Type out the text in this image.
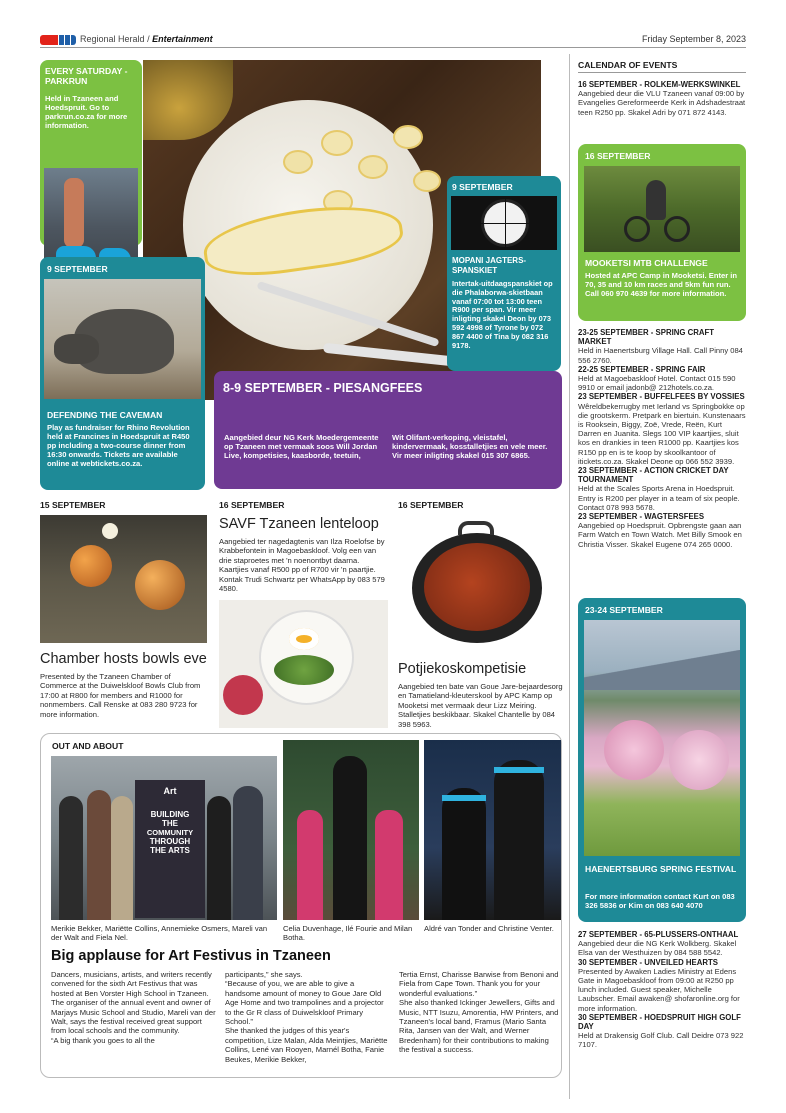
Regional Herald / Entertainment	Friday September 8, 2023
EVERY SATURDAY - PARKRUN
Held in Tzaneen and Hoedspruit. Go to parkrun.co.za for more information.
9 SEPTEMBER
DEFENDING THE CAVEMAN
Play as fundraiser for Rhino Revolution held at Francines in Hoedspruit at R450 pp including a two-course dinner from 16:30 onwards. Tickets are available online at webtickets.co.za.
9 SEPTEMBER
MOPANI JAGTERS-SPANSKIET
Intertak-uitdaagspanskiet op die Phalaborwa-skietbaan vanaf 07:00 tot 13:00 teen R900 per span. Vir meer inligting skakel Deon by 073 592 4998 of Tyrone by 072 867 4400 of Tina by 082 316 9178.
8-9 SEPTEMBER - PIESANGFEES
Aangebied deur NG Kerk Moedergemeente op Tzaneen met vermaak soos Will Jordan Live, kompetisies, kaasborde, teetuin,
Wit Olifant-verkoping, vleistafel, kindervermaak, kosstalletjies en vele meer. Vir meer inligting skakel 015 307 6865.
15 SEPTEMBER
Chamber hosts bowls eve
Presented by the Tzaneen Chamber of Commerce at the Duiwelskloof Bowls Club from 17:00 at R800 for members and R1000 for nonmembers. Call Renske at 083 280 9723 for more information.
16 SEPTEMBER
SAVF Tzaneen lenteloop
Aangebied ter nagedagtenis van Ilza Roelofse by Krabbefontein in Magoebaskloof. Volg een van drie staproetes met 'n noenontbyt daarna. Kaartjies vanaf R500 pp of R700 vir 'n paartjie. Kontak Trudi Schwartz per WhatsApp by 083 579 4580.
16 SEPTEMBER
Potjiekoskompetisie
Aangebied ten bate van Goue Jare-bejaardesorg en Tamatieland-kleuterskool by APC Kamp op Mooketsi met vermaak deur Lizz Meiring. Stalletjies beskikbaar. Skakel Chantelle by 084 398 5963.
OUT AND ABOUT
Art
BUILDING
THE
COMMUNITY
THROUGH
THE ARTS
Merikie Bekker, Mariëtte Collins, Annemieke Osmers, Mareli van der Walt and Fiela Nel.
Celia Duvenhage, Ilé Fourie and Milan Botha.
Aldré van Tonder and Christine Venter.
Big applause for Art Festivus in Tzaneen
Dancers, musicians, artists, and writers recently convened for the sixth Art Festivus that was hosted at Ben Vorster High School in Tzaneen.
The organiser of the annual event and owner of Marjays Music School and Studio, Mareli van der Walt, says the festival received great support from local schools and the community.
“A big thank you goes to all the
participants,” she says.
“Because of you, we are able to give a handsome amount of money to Goue Jare Old Age Home and two trampolines and a projector to the Gr R class of Duiwelskloof Primary School.”
She thanked the judges of this year's competition, Lize Malan, Alda Meintjies, Mariëtte Collins, Lené van Rooyen, Marnél Botha, Fanie Beukes, Merikie Bekker,
Tertia Ernst, Charisse Barwise from Benoni and Fiela from Cape Town. Thank you for your wonderful evaluations.”
She also thanked Ickinger Jewellers, Gifts and Music, NTT Isuzu, Amorentia, HW Printers, and Tzaneen's local band, Framus (Mario Santa Rita, Jansen van der Walt, and Werner Bredenham) for their contributions to making the festival a success.
CALENDAR OF EVENTS
16 SEPTEMBER - ROLKEM-WERKSWINKEL
Aangebied deur die VLU Tzaneen vanaf 09:00 by Evangelies Gereformeerde Kerk in Adshadestraat teen R250 pp. Skakel Adri by 071 872 4143.
16 SEPTEMBER
MOOKETSI MTB CHALLENGE
Hosted at APC Camp in Mooketsi. Enter in 70, 35 and 10 km races and 5km fun run. Call 060 970 4639 for more information.
23-25 SEPTEMBER - SPRING CRAFT MARKET
Held in Haenertsburg Village Hall. Call Pinny 084 556 2760.
22-25 SEPTEMBER - SPRING FAIR
Held at Magoebaskloof Hotel. Contact 015 590 9910 or email jadonb@ 212hotels.co.za.
23 SEPTEMBER - BUFFELFEES BY VOSSIES
Wêreldbekerrugby met Ierland vs Springbokke op die grootskerm. Pretpark en biertuin. Kunstenaars is Rooksein, Biggy, Zoë, Vrede, Reën, Kurt Darren en Juanita. Slegs 100 VIP kaartjies, sluit kos en drankies in teen R1000 pp. Kaartjies kos R150 pp en is te koop by skoolkantoor of itickets.co.za. Skakel Deone op 066 552 3939.
23 SEPTEMBER - ACTION CRICKET DAY TOURNAMENT
Held at the Scales Sports Arena in Hoedspruit. Entry is R200 per player in a team of six people. Contact 078 993 5678.
23 SEPTEMBER - WAGTERSFEES
Aangebied op Hoedspruit. Opbrengste gaan aan Farm Watch en Town Watch. Met Billy Smook en Christia Visser. Skakel Eugene 074 265 0000.
23-24 SEPTEMBER
HAENERTSBURG SPRING FESTIVAL
For more information contact Kurt on 083 326 5836 or Kim on 083 640 4070
27 SEPTEMBER - 65-PLUSSERS-ONTHAAL
Aangebied deur die NG Kerk Wolkberg. Skakel Elsa van der Westhuizen by 084 588 5542.
30 SEPTEMBER - UNVEILED HEARTS
Presented by Awaken Ladies Ministry at Edens Gate in Magoebaskloof from 09:00 at R250 pp lunch included. Guest speaker, Michelle Laubscher. Email awaken@ shofaronline.org for more information.
30 SEPTEMBER - HOEDSPRUIT HIGH GOLF DAY
Held at Drakensig Golf Club. Call Deidre 073 922 7107.
